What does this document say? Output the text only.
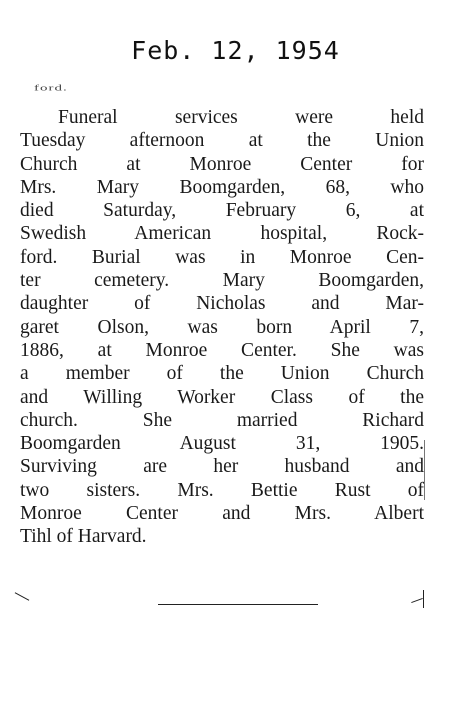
Feb. 12, 1954
ford.
Funeral services were held
Tuesday afternoon at the Union
Church at Monroe Center for
Mrs. Mary Boomgarden, 68, who
died Saturday, February 6, at
Swedish American hospital, Rock-
ford. Burial was in Monroe Cen-
ter cemetery. Mary Boomgarden,
daughter of Nicholas and Mar-
garet Olson, was born April 7,
1886, at Monroe Center. She was
a member of the Union Church
and Willing Worker Class of the
church. She married Richard
Boomgarden August 31, 1905.
Surviving are her husband and
two sisters. Mrs. Bettie Rust of
Monroe Center and Mrs. Albert
Tihl of Harvard.
